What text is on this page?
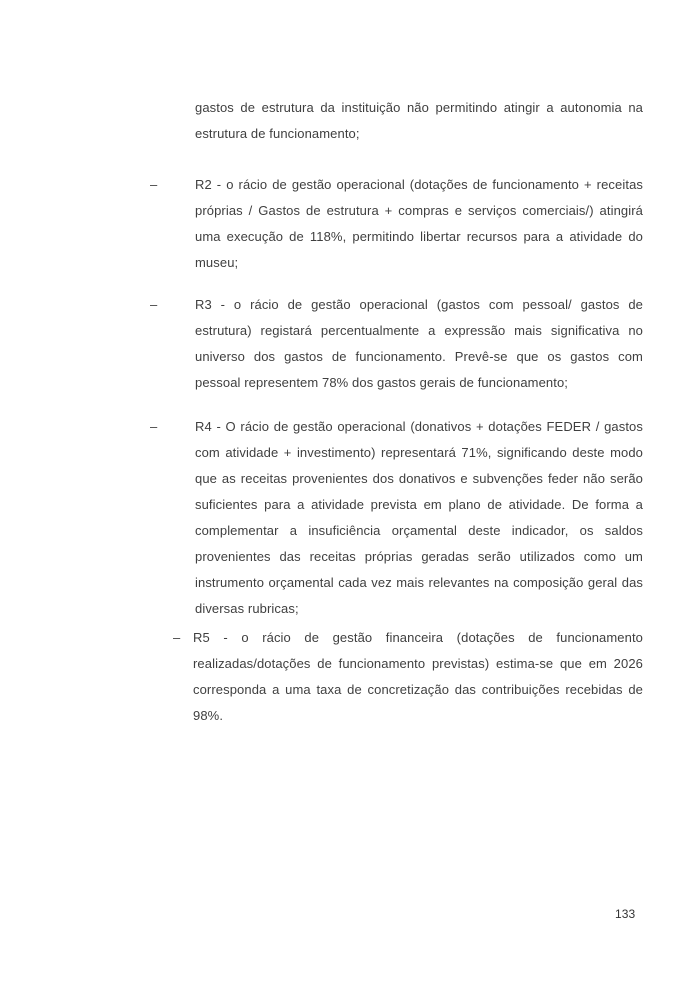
gastos de estrutura da instituição não permitindo atingir a autonomia na estrutura de funcionamento;

–	R2 - o rácio de gestão operacional (dotações de funcionamento + receitas próprias / Gastos de estrutura + compras e serviços comerciais/) atingirá uma execução de 118%, permitindo libertar recursos para a atividade do museu;

–	R3 - o rácio de gestão operacional (gastos com pessoal/ gastos de estrutura) registará percentualmente a expressão mais significativa no universo dos gastos de funcionamento. Prevê-se que os gastos com pessoal representem 78% dos gastos gerais de funcionamento;

–	R4 - O rácio de gestão operacional (donativos + dotações FEDER / gastos com atividade + investimento) representará 71%, significando deste modo que as receitas provenientes dos donativos e subvenções feder não serão suficientes para a atividade prevista em plano de atividade. De forma a complementar a insuficiência orçamental deste indicador, os saldos provenientes das receitas próprias geradas serão utilizados como um instrumento orçamental cada vez mais relevantes na composição geral das diversas rubricas;

– R5 - o rácio de gestão financeira (dotações de funcionamento realizadas/dotações de funcionamento previstas) estima-se que em 2026 corresponda a uma taxa de concretização das contribuições recebidas de 98%.

133
